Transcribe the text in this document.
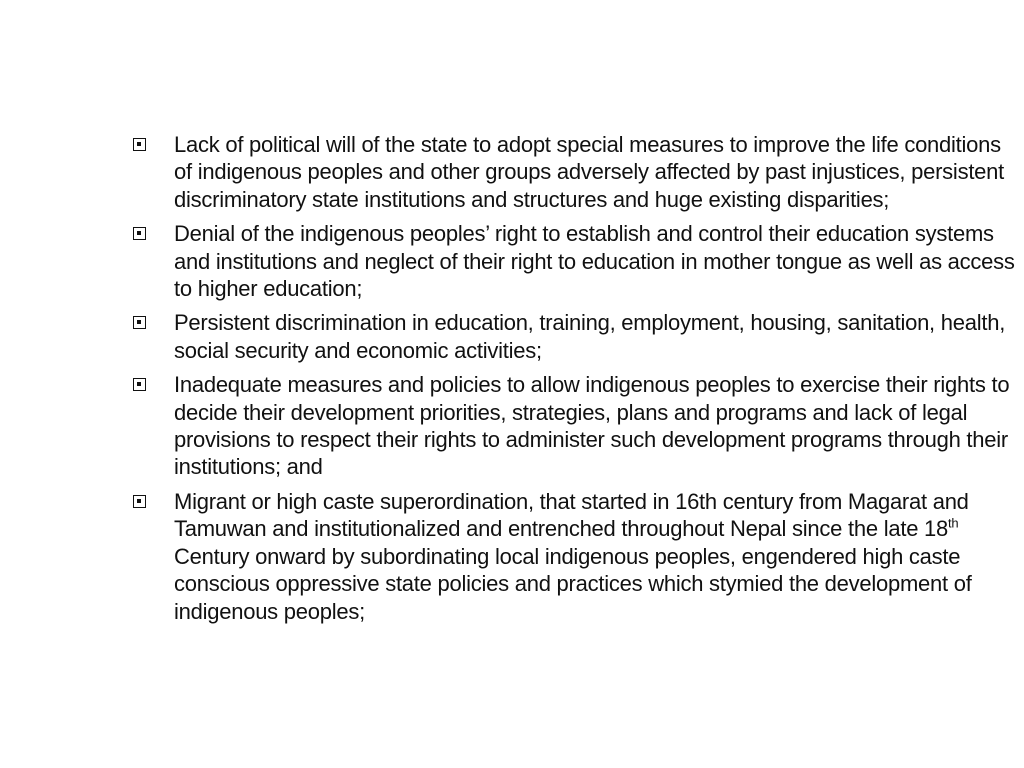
Lack of political will of the state to adopt special measures to improve the life conditions of indigenous peoples and other groups adversely affected by past injustices, persistent discriminatory state institutions and structures and huge existing disparities;
Denial of the indigenous peoples’ right to establish and control their education systems and institutions and neglect of their right to education in mother tongue as well as access to higher education;
Persistent discrimination in education, training, employment, housing, sanitation, health, social security and economic activities;
Inadequate measures and policies to allow indigenous peoples to exercise their rights to decide their development priorities, strategies, plans and programs and lack of legal provisions to respect their rights to administer such development programs through their institutions; and
Migrant or high caste superordination, that started in 16th century from Magarat and Tamuwan and institutionalized and entrenched throughout Nepal since the late 18th Century onward by subordinating local indigenous peoples, engendered high caste conscious oppressive state policies and practices which stymied the development of indigenous peoples;
